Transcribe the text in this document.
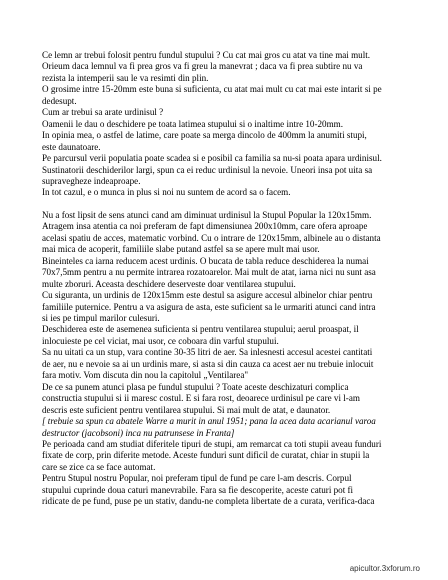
Ce lemn ar trebui folosit pentru fundul stupului ? Cu cat mai gros cu atat va tine mai mult.
Orieum daca lemnul va fi prea gros va fi greu la manevrat ; daca va fi prea subtire nu va
rezista la intemperii sau le va resimti din plin.
O grosime intre 15-20mm este buna si suficienta, cu atat mai mult cu cat mai este intarit si pe
dedesupt.
Cum ar trebui sa arate urdinisul ?
Oamenii le dau o deschidere pe toata latimea stupului si o inaltime intre 10-20mm.
In opinia mea, o astfel de latime, care poate sa merga dincolo de 400mm la anumiti stupi,
este daunatoare.
Pe parcursul verii populatia poate scadea si e posibil ca familia sa nu-si poata apara urdinisul.
Sustinatorii deschiderilor largi, spun ca ei reduc urdinisul la nevoie. Uneori insa pot uita sa
supravegheze indeaproape.
In tot cazul, e o munca in plus si noi nu suntem de acord sa o facem.
Nu a fost lipsit de sens atunci cand am diminuat urdinisul la Stupul Popular la 120x15mm.
Atragem insa atentia ca noi preferam de fapt dimensiunea 200x10mm, care ofera aproape
acelasi spatiu de acces, matematic vorbind. Cu o intrare de 120x15mm, albinele au o distanta
mai mica de acoperit, familiile slabe putand astfel sa se apere mult mai usor.
Bineinteles ca iarna reducem acest urdinis. O bucata de tabla reduce deschiderea la numai
70x7,5mm pentru a nu permite intrarea rozatoarelor. Mai mult de atat, iarna nici nu sunt asa
multe zboruri. Aceasta deschidere deserveste doar ventilarea stupului.
Cu siguranta, un urdinis de 120x15mm este destul sa asigure accesul albinelor chiar pentru
familiile puternice. Pentru a va asigura de asta, este suficient sa le urmariti atunci cand intra
si ies pe timpul marilor culesuri.
Deschiderea este de asemenea suficienta si pentru ventilarea stupului; aerul proaspat, il
inlocuieste pe cel viciat, mai usor, ce coboara din varful stupului.
Sa nu uitati ca un stup, vara contine 30-35 litri de aer. Sa inlesnesti accesul acestei cantitati
de aer, nu e nevoie sa ai un urdinis mare, si asta si din cauza ca acest aer nu trebuie inlocuit
fara motiv. Vom discuta din nou la capitolul „Ventilarea"
De ce sa punem atunci plasa pe fundul stupului ? Toate aceste deschizaturi complica
constructia stupului si ii maresc costul. E si fara rost, deoarece urdinisul pe care vi l-am
descris este suficient pentru ventilarea stupului. Si mai mult de atat, e daunator.
[ trebuie sa spun ca abatele Warre a murit in anul 1951; pana la acea data acarianul varoa
destructor (jacobsoni) inca nu patrunsese in Franta]
Pe perioada cand am studiat diferitele tipuri de stupi, am remarcat ca toti stupii aveau funduri
fixate de corp, prin diferite metode. Aceste funduri sunt dificil de curatat, chiar in stupii la
care se zice ca se face automat.
Pentru Stupul nostru Popular, noi preferam tipul de fund pe care l-am descris. Corpul
stupului cuprinde doua caturi manevrabile. Fara sa fie descoperite, aceste caturi pot fi
ridicate de pe fund, puse pe un stativ, dandu-ne completa libertate de a curata, verifica-daca
apicultor.3xforum.ro
